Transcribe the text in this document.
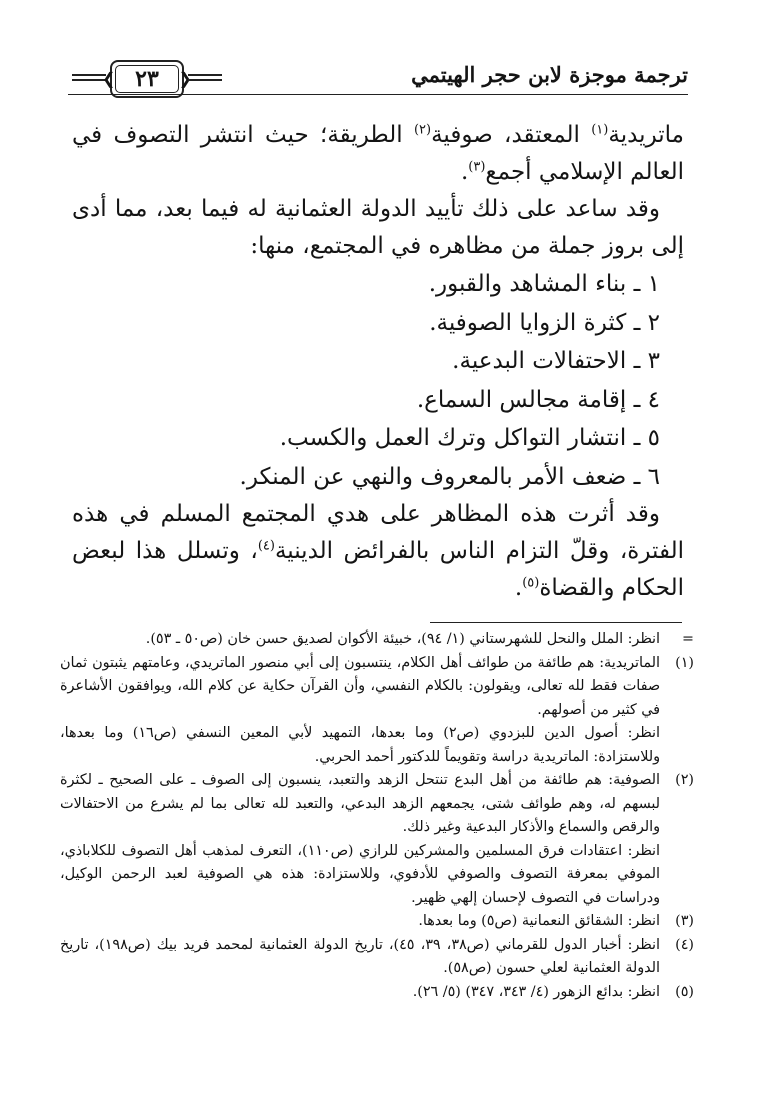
ترجمة موجزة لابن حجر الهيتمي
❮	❯
٢٣

ماتريدية$^{(١)}$ المعتقد، صوفية$^{(٢)}$ الطريقة؛ حيث انتشر التصوف في العالم الإسلامي أجمع$^{(٣)}$.

وقد ساعد على ذلك تأييد الدولة العثمانية له فيما بعد، مما أدى إلى بروز جملة من مظاهره في المجتمع، منها:

١ ـ بناء المشاهد والقبور.
٢ ـ كثرة الزوايا الصوفية.
٣ ـ الاحتفالات البدعية.
٤ ـ إقامة مجالس السماع.
٥ ـ انتشار التواكل وترك العمل والكسب.
٦ ـ ضعف الأمر بالمعروف والنهي عن المنكر.

وقد أثرت هذه المظاهر على هدي المجتمع المسلم في هذه الفترة، وقلّ التزام الناس بالفرائض الدينية$^{(٤)}$، وتسلل هذا لبعض الحكام والقضاة$^{(٥)}$.

=

انظر: الملل والنحل للشهرستاني (١/ ٩٤)، خبيئة الأكوان لصديق حسن خان (ص٥٠ ـ ٥٣).

(١)

الماتريدية: هم طائفة من طوائف أهل الكلام، ينتسبون إلى أبي منصور الماتريدي، وعامتهم يثبتون ثمان صفات فقط لله تعالى، ويقولون: بالكلام النفسي، وأن القرآن حكاية عن كلام الله، ويوافقون الأشاعرة في كثير من أصولهم.

انظر: أصول الدين للبزدوي (ص٢) وما بعدها، التمهيد لأبي المعين النسفي (ص١٦) وما بعدها، وللاستزادة: الماتريدية دراسة وتقويماً للدكتور أحمد الحربي.

(٢)

الصوفية: هم طائفة من أهل البدع تنتحل الزهد والتعبد، ينسبون إلى الصوف ـ على الصحيح ـ لكثرة لبسهم له، وهم طوائف شتى، يجمعهم الزهد البدعي، والتعبد لله تعالى بما لم يشرع من الاحتفالات والرقص والسماع والأذكار البدعية وغير ذلك.

انظر: اعتقادات فرق المسلمين والمشركين للرازي (ص١١٠)، التعرف لمذهب أهل التصوف للكلاباذي، الموفي بمعرفة التصوف والصوفي للأدفوي، وللاستزادة: هذه هي الصوفية لعبد الرحمن الوكيل، ودراسات في التصوف لإحسان إلهي ظهير.

(٣)

انظر: الشقائق النعمانية (ص٥) وما بعدها.

(٤)

انظر: أخبار الدول للقرماني (ص٣٨، ٣٩، ٤٥)، تاريخ الدولة العثمانية لمحمد فريد بيك (ص١٩٨)، تاريخ الدولة العثمانية لعلي حسون (ص٥٨).

(٥)

انظر: بدائع الزهور (٤/ ٣٤٣، ٣٤٧) (٥/ ٢٦).
